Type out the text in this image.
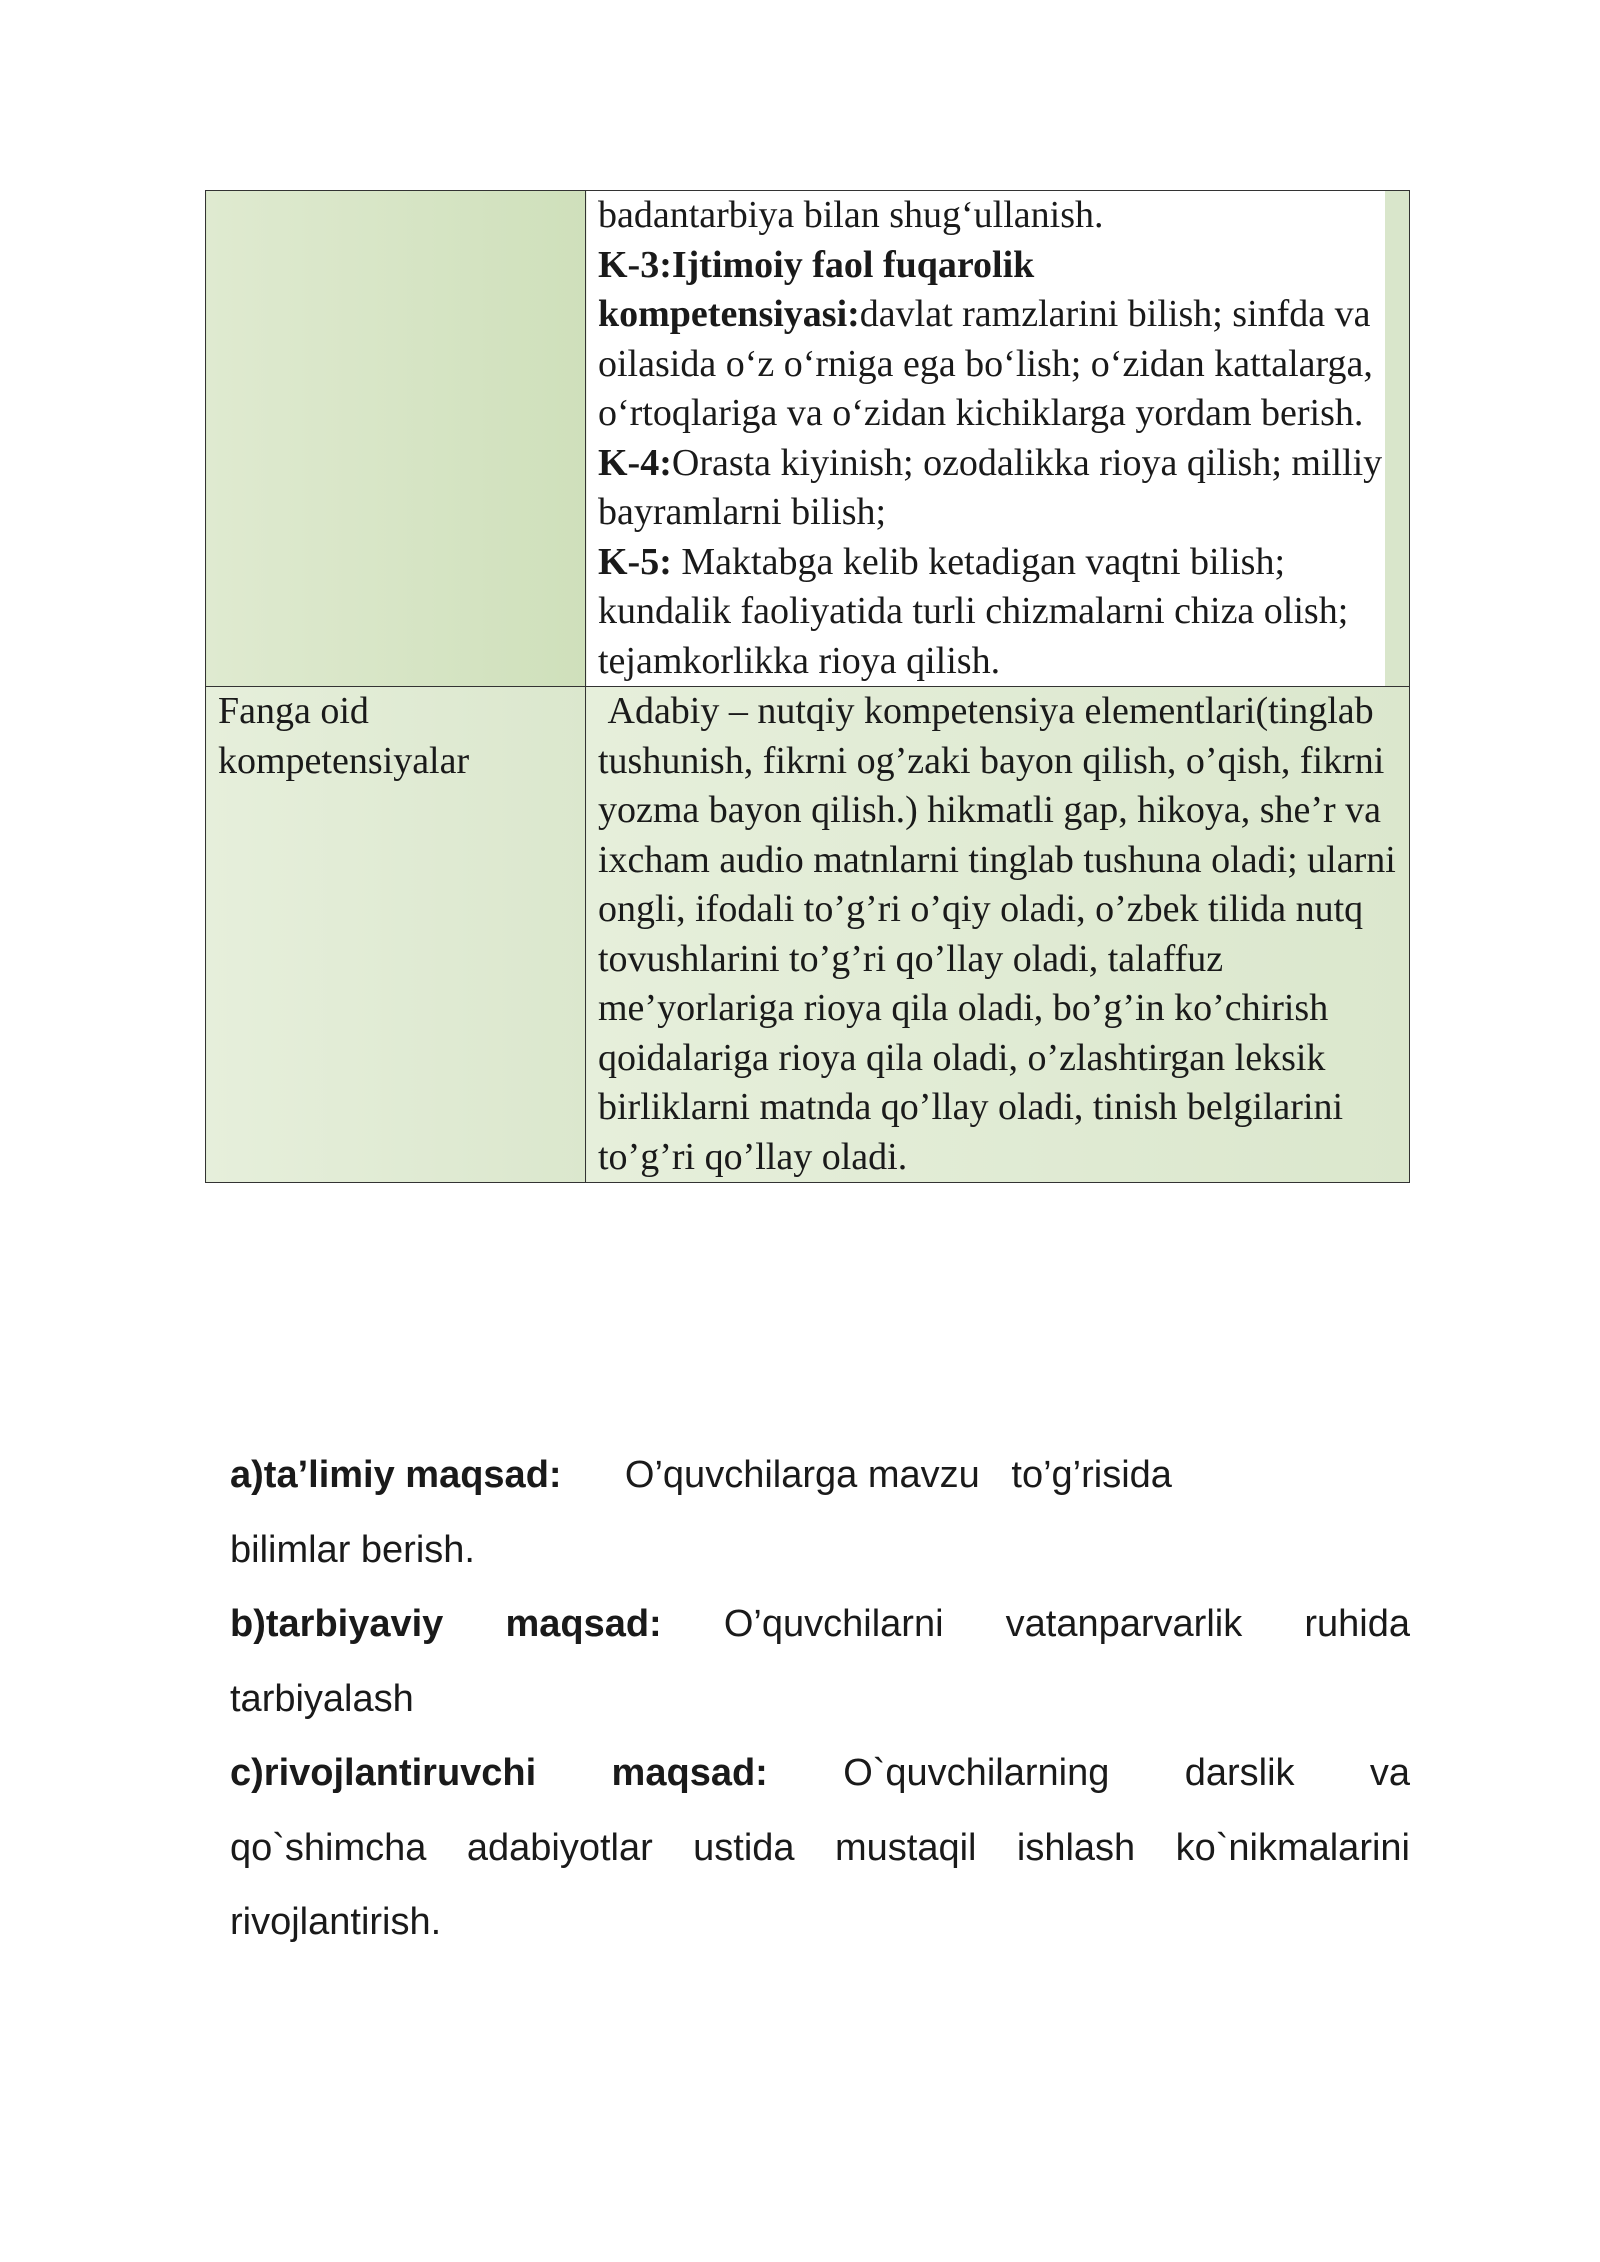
	badantarbiya bilan shug‘ullanish.
K-3:Ijtimoiy faol fuqarolik kompetensiyasi:davlat ramzlarini bilish; sinfda va oilasida o‘z o‘rniga ega bo‘lish; o‘zidan kattalarga, o‘rtoqlariga va o‘zidan kichiklarga yordam berish.
K-4:Orasta kiyinish; ozodalikka rioya qilish; milliy bayramlarni bilish;
K-5: Maktabga kelib ketadigan vaqtni bilish; kundalik faoliyatida turli chizmalarni chiza olish; tejamkorlikka rioya qilish.

Fanga oid kompetensiyalar	Adabiy – nutqiy kompetensiya elementlari(tinglab tushunish, fikrni og’zaki bayon qilish, o’qish, fikrni yozma bayon qilish.) hikmatli gap, hikoya, she’r va ixcham audio matnlarni tinglab tushuna oladi; ularni ongli, ifodali to’g’ri o’qiy oladi, o’zbek tilida nutq tovushlarini to’g’ri qo’llay oladi, talaffuz me’yorlariga rioya qila oladi, bo’g’in ko’chirish qoidalariga rioya qila oladi, o’zlashtirgan leksik birliklarni matnda qo’llay oladi, tinish belgilarini to’g’ri qo’llay oladi.
a)ta’limiy maqsad: O’quvchilarga mavzu   to’g’risida
bilimlar berish.
b)tarbiyaviy maqsad: O’quvchilarni vatanparvarlik ruhida
tarbiyalash
c)rivojlantiruvchi maqsad: O`quvchilarning darslik va
qo`shimcha adabiyotlar ustida mustaqil ishlash ko`nikmalarini
rivojlantirish.
